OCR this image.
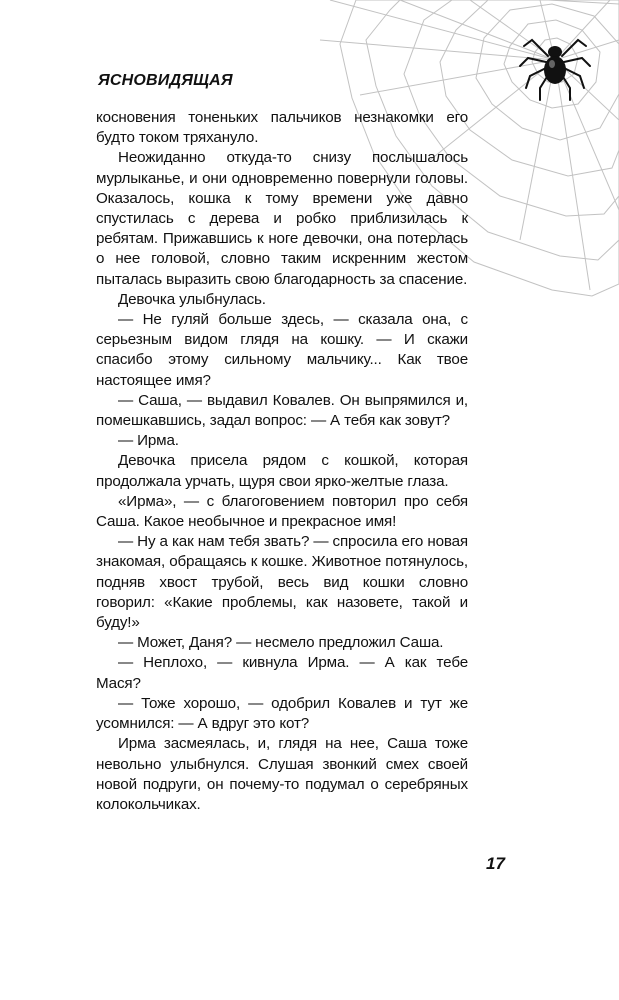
ЯСНОВИДЯЩАЯ

косновения тоненьких пальчиков незнакомки его будто током тряхануло.

Неожиданно откуда-то снизу послышалось мурлыканье, и они одновременно повернули головы. Оказалось, кошка к тому времени уже давно спустилась с дерева и робко приблизилась к ребятам. Прижавшись к ноге девочки, она потерлась о нее головой, словно таким искренним жестом пыталась выразить свою благодарность за спасение.

Девочка улыбнулась.

— Не гуляй больше здесь, — сказала она, с серьезным видом глядя на кошку. — И скажи спасибо этому сильному мальчику... Как твое настоящее имя?

— Саша, — выдавил Ковалев. Он выпрямился и, помешкавшись, задал вопрос: — А тебя как зовут?

— Ирма.

Девочка присела рядом с кошкой, которая продолжала урчать, щуря свои ярко-желтые глаза.

«Ирма», — с благоговением повторил про себя Саша. Какое необычное и прекрасное имя!

— Ну а как нам тебя звать? — спросила его новая знакомая, обращаясь к кошке. Животное потянулось, подняв хвост трубой, весь вид кошки словно говорил: «Какие проблемы, как назовете, такой и буду!»

— Может, Даня? — несмело предложил Саша.

— Неплохо, — кивнула Ирма. — А как тебе Мася?

— Тоже хорошо, — одобрил Ковалев и тут же усомнился: — А вдруг это кот?

Ирма засмеялась, и, глядя на нее, Саша тоже невольно улыбнулся. Слушая звонкий смех своей новой подруги, он почему-то подумал о серебряных колокольчиках.

17
